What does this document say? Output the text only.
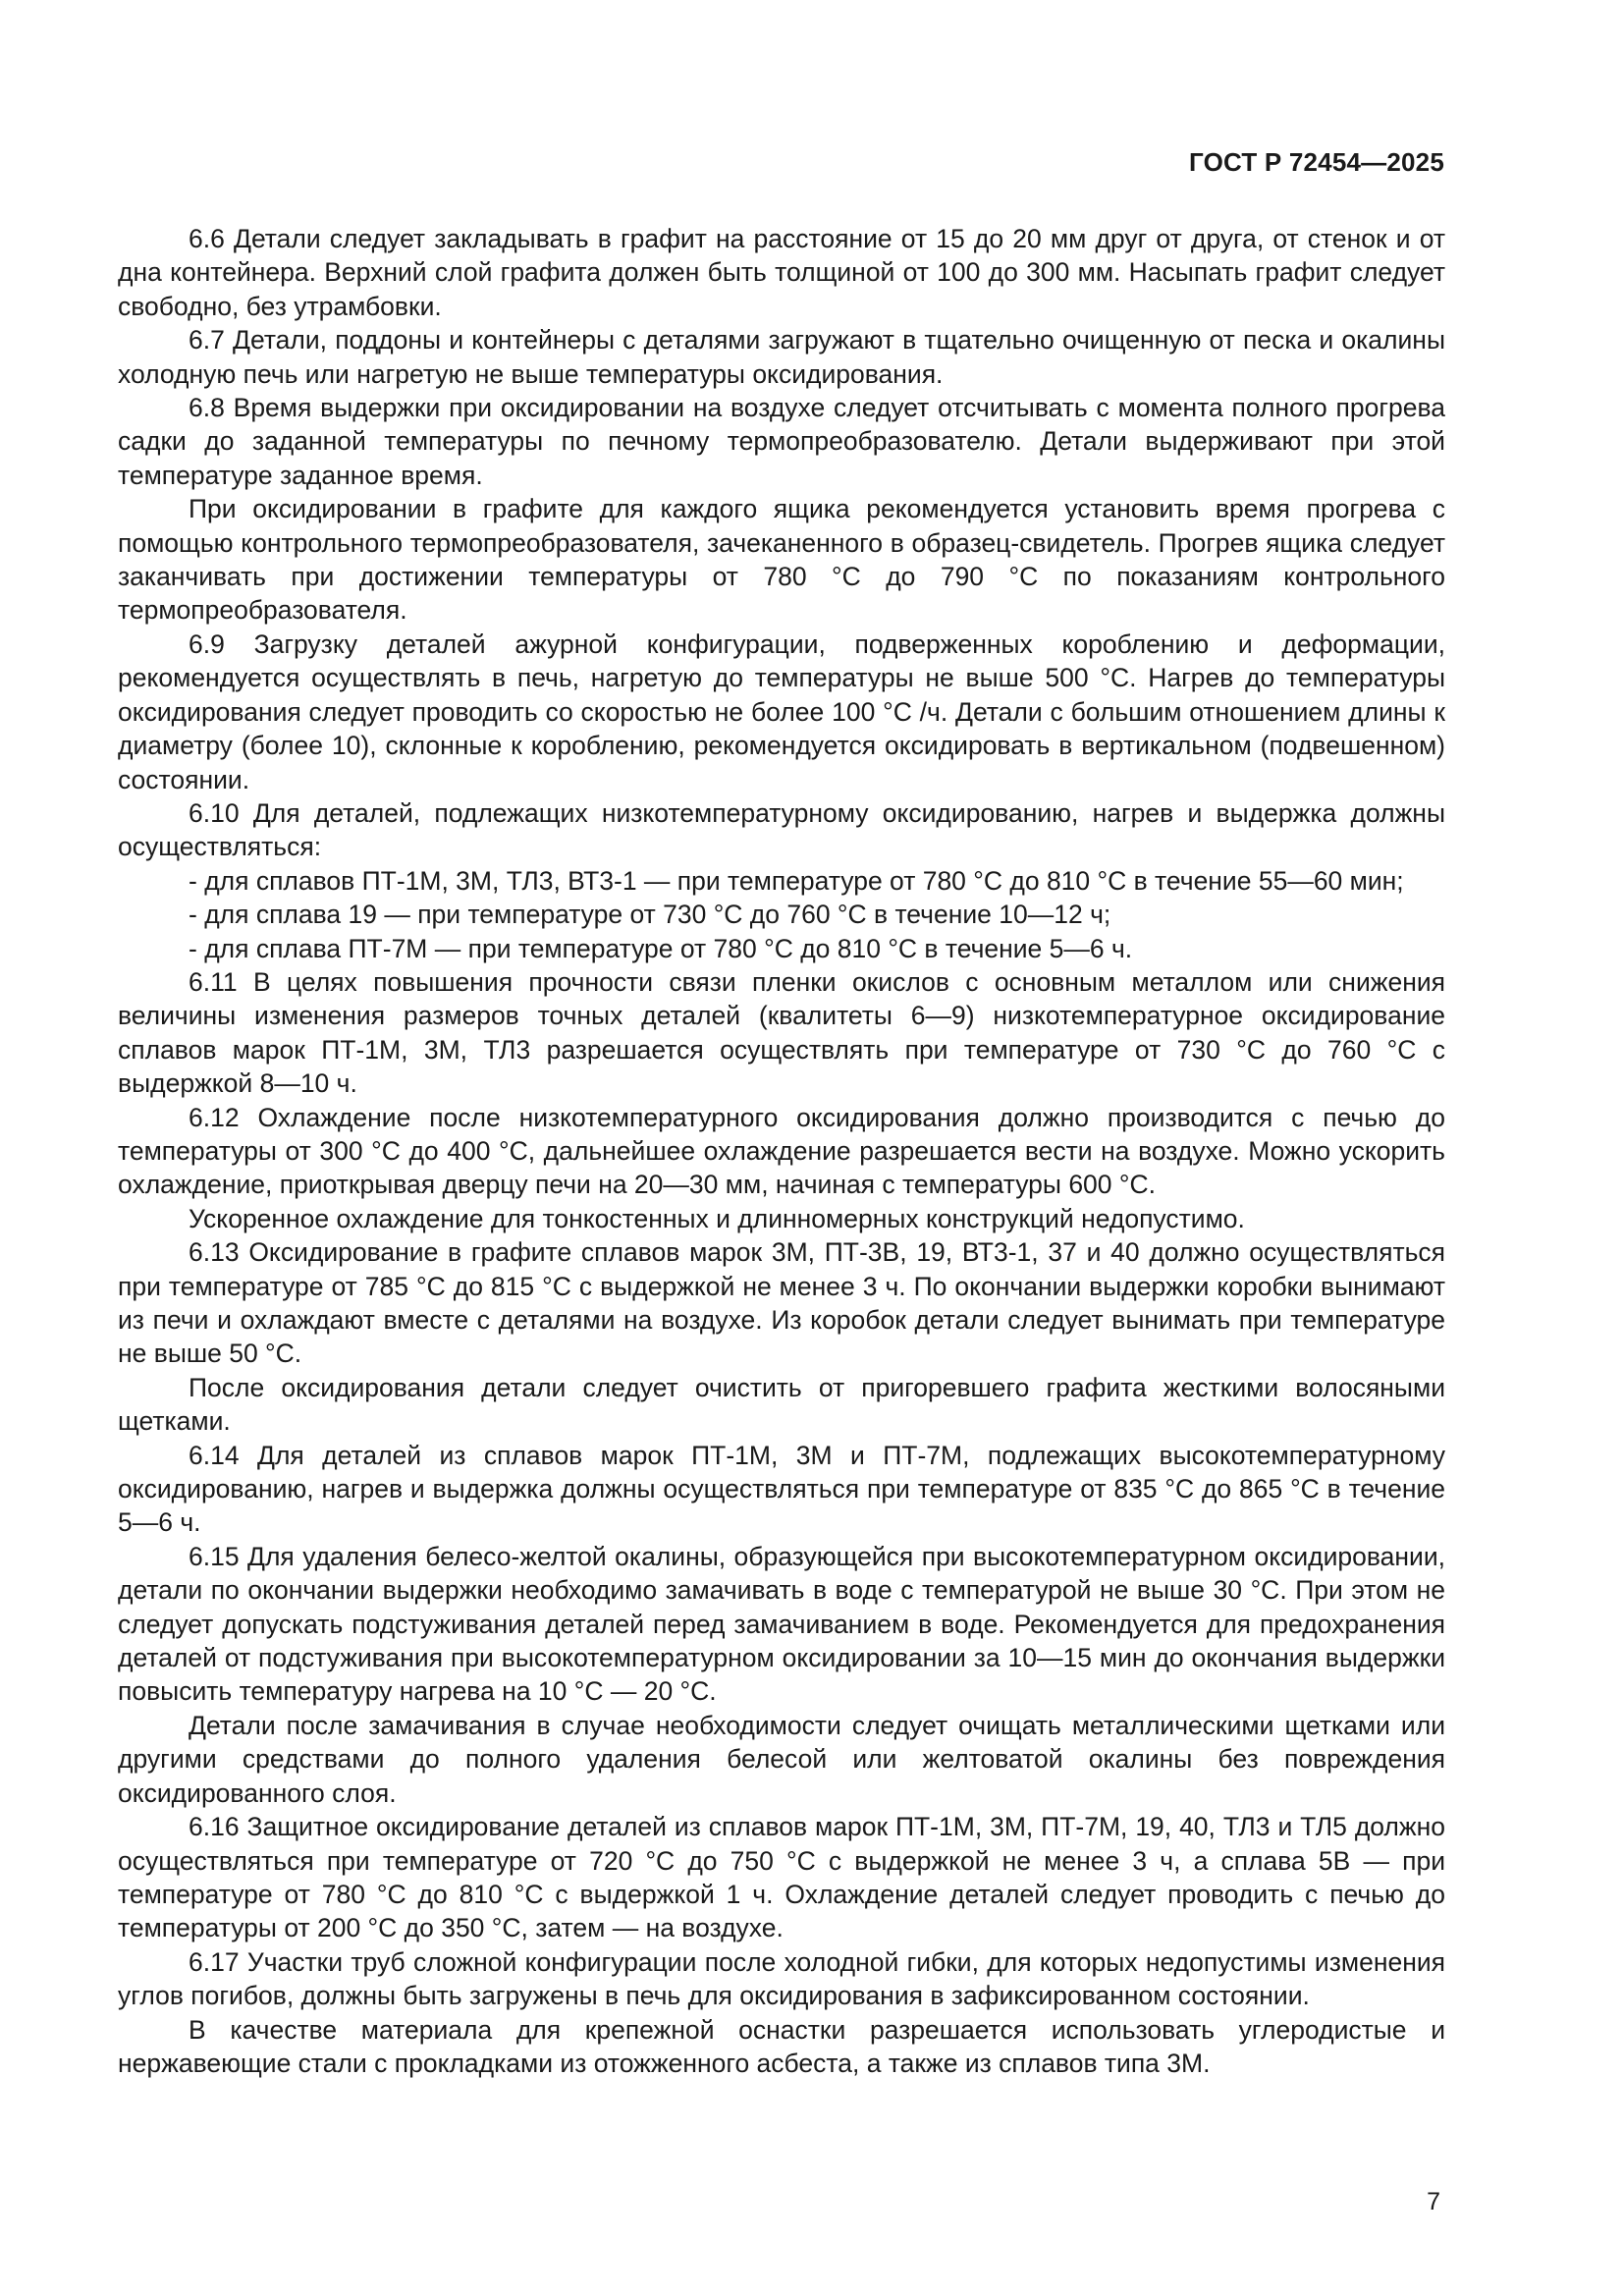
ГОСТ Р 72454—2025

6.6 Детали следует закладывать в графит на расстояние от 15 до 20 мм друг от друга, от стенок и от дна контейнера. Верхний слой графита должен быть толщиной от 100 до 300 мм. Насыпать графит следует свободно, без утрамбовки.

6.7 Детали, поддоны и контейнеры с деталями загружают в тщательно очищенную от песка и окалины холодную печь или нагретую не выше температуры оксидирования.

6.8 Время выдержки при оксидировании на воздухе следует отсчитывать с момента полного прогрева садки до заданной температуры по печному термопреобразователю. Детали выдерживают при этой температуре заданное время.

При оксидировании в графите для каждого ящика рекомендуется установить время прогрева с помощью контрольного термопреобразователя, зачеканенного в образец-свидетель. Прогрев ящика следует заканчивать при достижении температуры от 780 °С до 790 °С по показаниям контрольного термопреобразователя.

6.9 Загрузку деталей ажурной конфигурации, подверженных короблению и деформации, рекомендуется осуществлять в печь, нагретую до температуры не выше 500 °С. Нагрев до температуры оксидирования следует проводить со скоростью не более 100 °С /ч. Детали с большим отношением длины к диаметру (более 10), склонные к короблению, рекомендуется оксидировать в вертикальном (подвешенном) состоянии.

6.10 Для деталей, подлежащих низкотемпературному оксидированию, нагрев и выдержка должны осуществляться:

- для сплавов ПТ-1М, 3М, ТЛ3, ВТ3-1 — при температуре от 780 °С до 810 °С в течение 55—60 мин;
- для сплава 19 — при температуре от 730 °С до 760 °С в течение 10—12 ч;
- для сплава ПТ-7М — при температуре от 780 °С до 810 °С в течение 5—6 ч.

6.11 В целях повышения прочности связи пленки окислов с основным металлом или снижения величины изменения размеров точных деталей (квалитеты 6—9) низкотемпературное оксидирование сплавов марок ПТ-1М, 3М, ТЛ3 разрешается осуществлять при температуре от 730 °С до 760 °С с выдержкой 8—10 ч.

6.12 Охлаждение после низкотемпературного оксидирования должно производится с печью до температуры от 300 °С до 400 °С, дальнейшее охлаждение разрешается вести на воздухе. Можно ускорить охлаждение, приоткрывая дверцу печи на 20—30 мм, начиная с температуры 600 °С.

Ускоренное охлаждение для тонкостенных и длинномерных конструкций недопустимо.

6.13 Оксидирование в графите сплавов марок 3М, ПТ-3В, 19, ВТ3-1, 37 и 40 должно осуществляться при температуре от 785 °С до 815 °С с выдержкой не менее 3 ч. По окончании выдержки коробки вынимают из печи и охлаждают вместе с деталями на воздухе. Из коробок детали следует вынимать при температуре не выше 50 °С.

После оксидирования детали следует очистить от пригоревшего графита жесткими волосяными щетками.

6.14 Для деталей из сплавов марок ПТ-1М, 3М и ПТ-7М, подлежащих высокотемпературному оксидированию, нагрев и выдержка должны осуществляться при температуре от 835 °С до 865 °С в течение 5—6 ч.

6.15 Для удаления белесо-желтой окалины, образующейся при высокотемпературном оксидировании, детали по окончании выдержки необходимо замачивать в воде с температурой не выше 30 °С. При этом не следует допускать подстуживания деталей перед замачиванием в воде. Рекомендуется для предохранения деталей от подстуживания при высокотемпературном оксидировании за 10—15 мин до окончания выдержки повысить температуру нагрева на 10 °С — 20 °С.

Детали после замачивания в случае необходимости следует очищать металлическими щетками или другими средствами до полного удаления белесой или желтоватой окалины без повреждения оксидированного слоя.

6.16 Защитное оксидирование деталей из сплавов марок ПТ-1М, 3М, ПТ-7М, 19, 40, ТЛ3 и ТЛ5 должно осуществляться при температуре от 720 °С до 750 °С с выдержкой не менее 3 ч, а сплава 5В — при температуре от 780 °С до 810 °С с выдержкой 1 ч. Охлаждение деталей следует проводить с печью до температуры от 200 °С до 350 °С, затем — на воздухе.

6.17 Участки труб сложной конфигурации после холодной гибки, для которых недопустимы изменения углов погибов, должны быть загружены в печь для оксидирования в зафиксированном состоянии.

В качестве материала для крепежной оснастки разрешается использовать углеродистые и нержавеющие стали с прокладками из отожженного асбеста, а также из сплавов типа 3М.

7
